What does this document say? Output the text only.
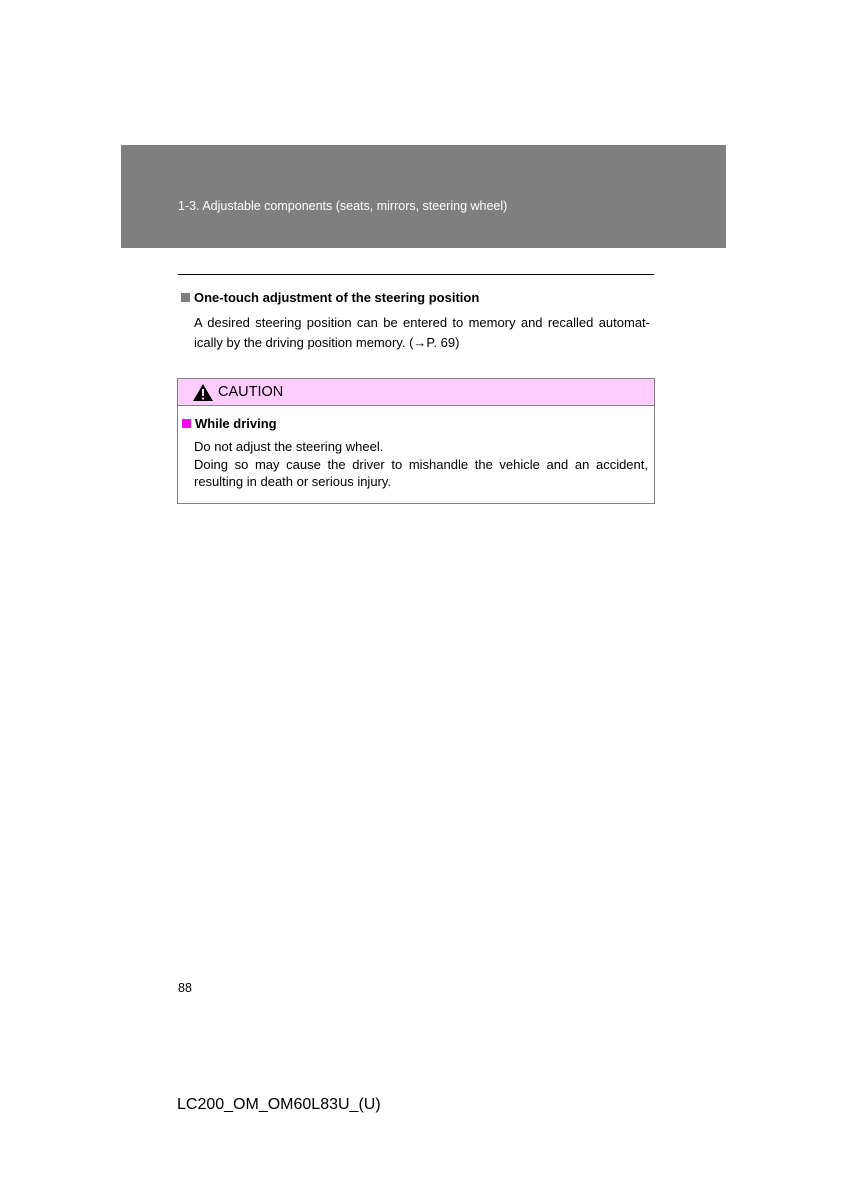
1-3. Adjustable components (seats, mirrors, steering wheel)
One-touch adjustment of the steering position
A desired steering position can be entered to memory and recalled automat-
ically by the driving position memory. (→P. 69)
CAUTION
While driving
Do not adjust the steering wheel.
Doing so may cause the driver to mishandle the vehicle and an accident,
resulting in death or serious injury.
88
LC200_OM_OM60L83U_(U)
